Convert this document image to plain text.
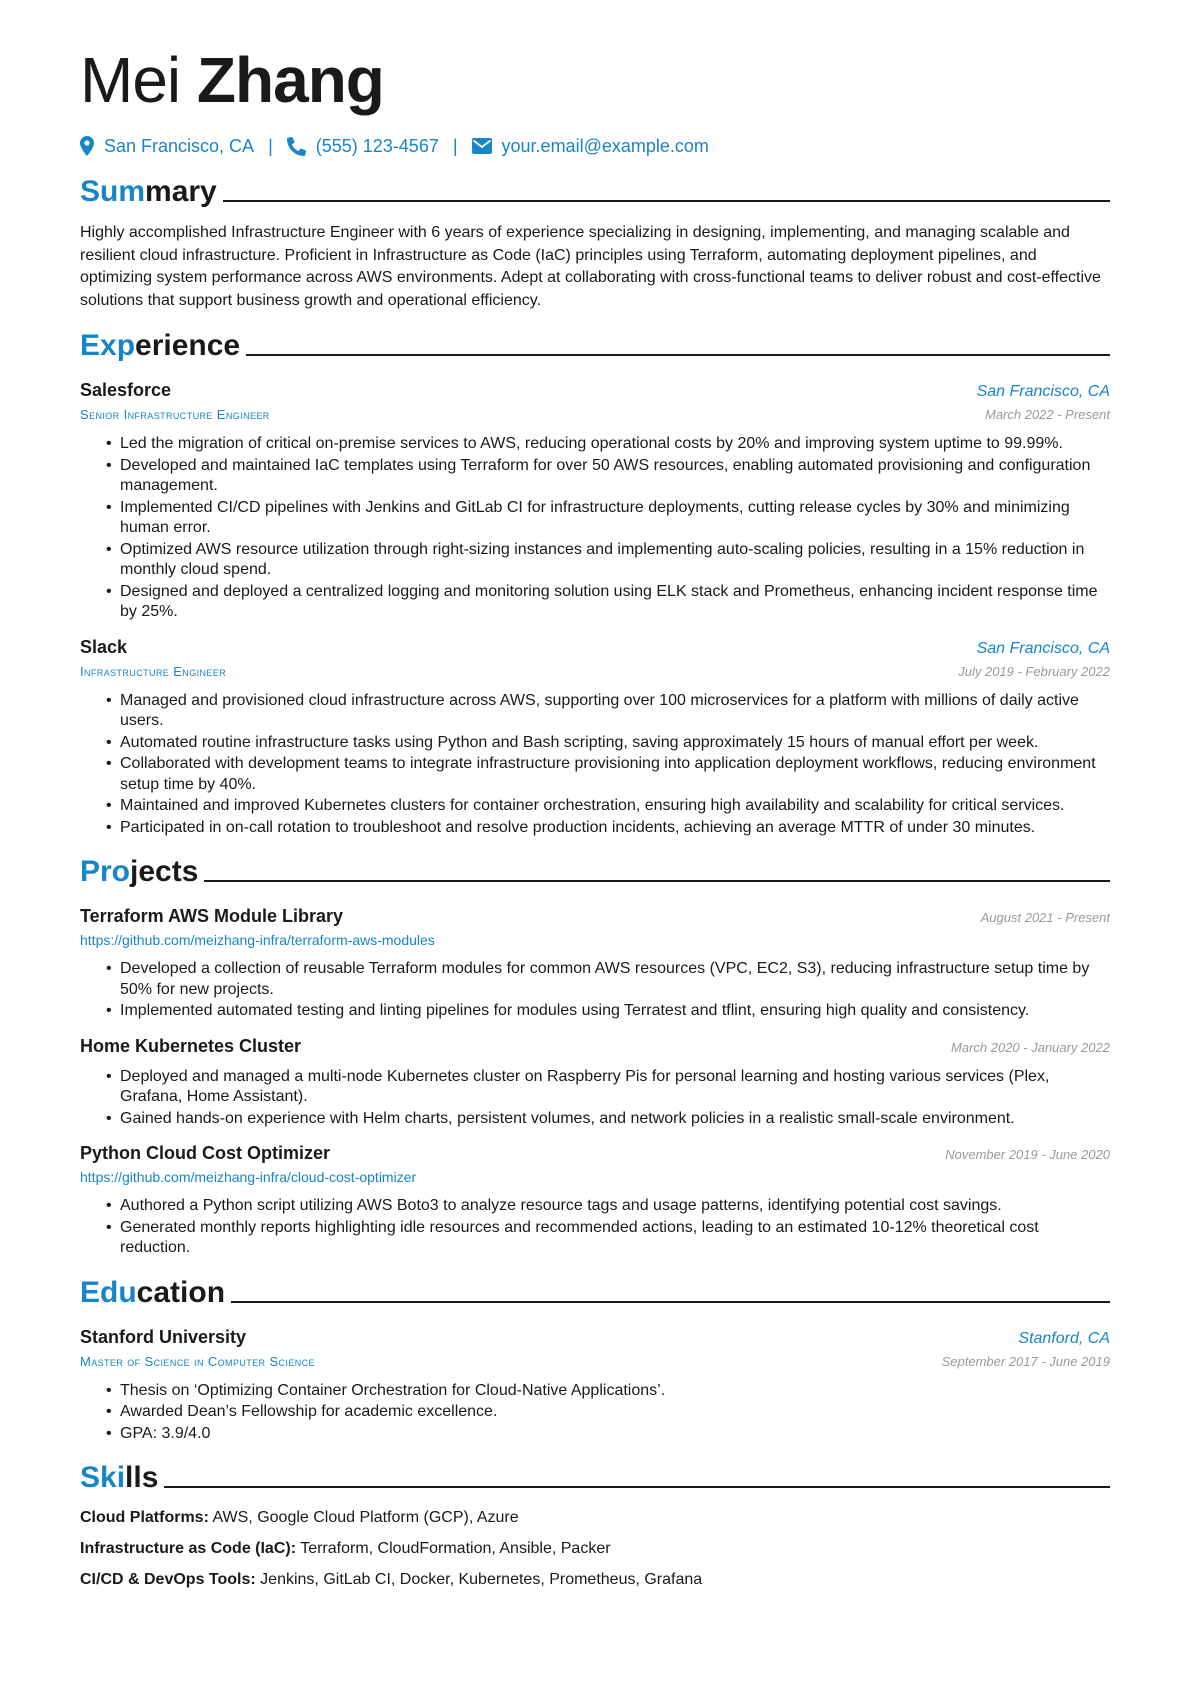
Mei Zhang
San Francisco, CA | (555) 123-4567 | your.email@example.com
Summary

Highly accomplished Infrastructure Engineer with 6 years of experience specializing in designing, implementing, and managing scalable and resilient cloud infrastructure. Proficient in Infrastructure as Code (IaC) principles using Terraform, automating deployment pipelines, and optimizing system performance across AWS environments. Adept at collaborating with cross-functional teams to deliver robust and cost-effective solutions that support business growth and operational efficiency.

Experience
Salesforce	San Francisco, CA
Senior Infrastructure Engineer	March 2022 - Present
• Led the migration of critical on-premise services to AWS, reducing operational costs by 20% and improving system uptime to 99.99%.
• Developed and maintained IaC templates using Terraform for over 50 AWS resources, enabling automated provisioning and configuration management.
• Implemented CI/CD pipelines with Jenkins and GitLab CI for infrastructure deployments, cutting release cycles by 30% and minimizing human error.
• Optimized AWS resource utilization through right-sizing instances and implementing auto-scaling policies, resulting in a 15% reduction in monthly cloud spend.
• Designed and deployed a centralized logging and monitoring solution using ELK stack and Prometheus, enhancing incident response time by 25%.
Slack	San Francisco, CA
Infrastructure Engineer	July 2019 - February 2022
• Managed and provisioned cloud infrastructure across AWS, supporting over 100 microservices for a platform with millions of daily active users.
• Automated routine infrastructure tasks using Python and Bash scripting, saving approximately 15 hours of manual effort per week.
• Collaborated with development teams to integrate infrastructure provisioning into application deployment workflows, reducing environment setup time by 40%.
• Maintained and improved Kubernetes clusters for container orchestration, ensuring high availability and scalability for critical services.
• Participated in on-call rotation to troubleshoot and resolve production incidents, achieving an average MTTR of under 30 minutes.
Projects
Terraform AWS Module Library	August 2021 - Present
https://github.com/meizhang-infra/terraform-aws-modules
• Developed a collection of reusable Terraform modules for common AWS resources (VPC, EC2, S3), reducing infrastructure setup time by 50% for new projects.
• Implemented automated testing and linting pipelines for modules using Terratest and tflint, ensuring high quality and consistency.
Home Kubernetes Cluster	March 2020 - January 2022
• Deployed and managed a multi-node Kubernetes cluster on Raspberry Pis for personal learning and hosting various services (Plex, Grafana, Home Assistant).
• Gained hands-on experience with Helm charts, persistent volumes, and network policies in a realistic small-scale environment.
Python Cloud Cost Optimizer	November 2019 - June 2020
https://github.com/meizhang-infra/cloud-cost-optimizer
• Authored a Python script utilizing AWS Boto3 to analyze resource tags and usage patterns, identifying potential cost savings.
• Generated monthly reports highlighting idle resources and recommended actions, leading to an estimated 10-12% theoretical cost reduction.
Education
Stanford University	Stanford, CA
Master of Science in Computer Science	September 2017 - June 2019
• Thesis on ‘Optimizing Container Orchestration for Cloud-Native Applications’.
• Awarded Dean’s Fellowship for academic excellence.
• GPA: 3.9/4.0
Skills
Cloud Platforms: AWS, Google Cloud Platform (GCP), Azure
Infrastructure as Code (IaC): Terraform, CloudFormation, Ansible, Packer
CI/CD & DevOps Tools: Jenkins, GitLab CI, Docker, Kubernetes, Prometheus, Grafana
